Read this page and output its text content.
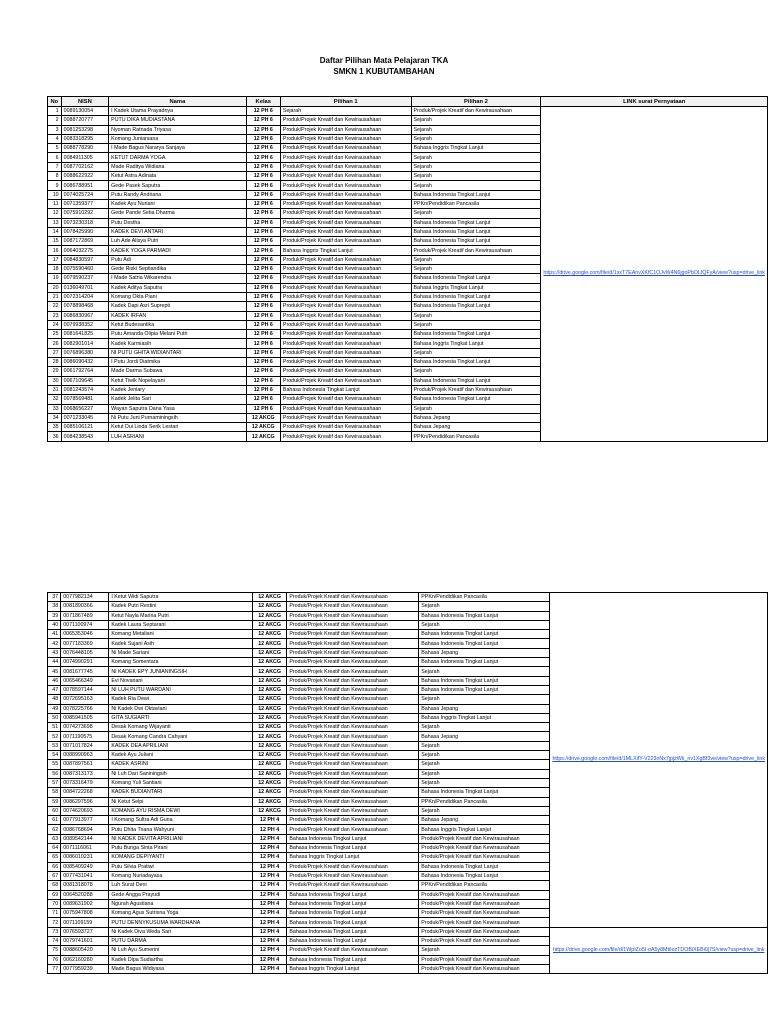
Daftar Pilihan Mata Pelajaran TKA
SMKN 1 KUBUTAMBAHAN
No	NISN	Nama	Kelas	Pilihan 1	Pilihan 2	LINK surat Pernyataan
1	0089130054	I Kadek Utama Prayadnya	12 PH 6	Sejarah	Produk/Projek Kreatif dan Kewirausahaan	https://drive.google.com/file/d/1sxT7EAnvXKfC1OJvW4N6jgoPbOLfQFyA/view?usp=drive_link
2	0088720777	PUTU DIKA MUDIASTANA	12 PH 6	Produk/Projek Kreatif dan Kewirausahaan	Sejarah	
3	0081253298	Nyoman Ratnada Triyasa	12 PH 6	Produk/Projek Kreatif dan Kewirausahaan	Sejarah	
4	0083318295	Komang Juniarsana	12 PH 6	Produk/Projek Kreatif dan Kewirausahaan	Sejarah	
5	0088778290	I Made Bagus Nararya Sanjaya	12 PH 6	Produk/Projek Kreatif dan Kewirausahaan	Bahasa Inggris Tingkat Lanjut	
6	0084911305	KETUT DARMA YOGA	12 PH 6	Produk/Projek Kreatif dan Kewirausahaan	Sejarah	
7	0087702162	Made Raditya Widiana	12 PH 6	Produk/Projek Kreatif dan Kewirausahaan	Sejarah	
8	0088622922	Ketut Astra Adinata	12 PH 6	Produk/Projek Kreatif dan Kewirausahaan	Sejarah	
9	0086788951	Gede Pasek Saputra	12 PH 6	Produk/Projek Kreatif dan Kewirausahaan	Sejarah	
10	0074025724	Putu Randy Andriana	12 PH 6	Produk/Projek Kreatif dan Kewirausahaan	Bahasa Indonesia Tingkat Lanjut	
11	0071359377	Kadek Ayu Nuriani	12 PH 6	Produk/Projek Kreatif dan Kewirausahaan	PPKn/Pendidikan Pancasila	
12	0075910292	Gede Pande Setia Dharma	12 PH 6	Produk/Projek Kreatif dan Kewirausahaan	Sejarah	
13	0073230318	Putu Destha	12 PH 6	Produk/Projek Kreatif dan Kewirausahaan	Bahasa Indonesia Tingkat Lanjut	
14	0078425990	KADEK DEVI ANTARI	12 PH 6	Produk/Projek Kreatif dan Kewirausahaan	Bahasa Indonesia Tingkat Lanjut	
15	0087172869	Luh Ade Alisya Putri	12 PH 6	Produk/Projek Kreatif dan Kewirausahaan	Bahasa Indonesia Tingkat Lanjut	
16	0064032275	KADEK YOGA PARMADI	12 PH 6	Bahasa Inggris Tingkat Lanjut	Produk/Projek Kreatif dan Kewirausahaan	
17	0084830597	Putu Adi	12 PH 6	Produk/Projek Kreatif dan Kewirausahaan	Sejarah	
18	0075590460	Gede Riski Septiandika	12 PH 6	Produk/Projek Kreatif dan Kewirausahaan	Sejarah	
19	0079590237	I Made Satria Wikarendra	12 PH 6	Produk/Projek Kreatif dan Kewirausahaan	Bahasa Indonesia Tingkat Lanjut	
20	0136049701	Kadek Aditya Saputra	12 PH 6	Produk/Projek Kreatif dan Kewirausahaan	Bahasa Inggris Tingkat Lanjut	
21	0072314204	Komang Okta Piani	12 PH 6	Produk/Projek Kreatif dan Kewirausahaan	Bahasa Indonesia Tingkat Lanjut	
22	0078898468	Kadek Dapi Asri Suprepti	12 PH 6	Produk/Projek Kreatif dan Kewirausahaan	Bahasa Indonesia Tingkat Lanjut	
23	0086830967	KADEK IRFAN	12 PH 6	Produk/Projek Kreatif dan Kewirausahaan	Sejarah	
24	0079938352	Ketut Budesantika	12 PH 6	Produk/Projek Kreatif dan Kewirausahaan	Sejarah	
25	0081641825	Putu Amanda Olipia Melani Putri	12 PH 6	Produk/Projek Kreatif dan Kewirausahaan	Bahasa Indonesia Tingkat Lanjut	
26	0082901014	Kadek Karmiasih	12 PH 6	Produk/Projek Kreatif dan Kewirausahaan	Bahasa Inggris Tingkat Lanjut	
27	0076896380	NI PUTU GHITA WIDIANTARI	12 PH 6	Produk/Projek Kreatif dan Kewirausahaan	Sejarah	
28	0086090432	I Putu Jordi Diatmika	12 PH 6	Produk/Projek Kreatif dan Kewirausahaan	Bahasa Indonesia Tingkat Lanjut	
29	0061792764	Made Darma Subawa	12 PH 6	Produk/Projek Kreatif dan Kewirausahaan	Sejarah	
30	0067109645	Ketut Tiwik Nopelayani	12 PH 6	Produk/Projek Kreatif dan Kewirausahaan	Bahasa Indonesia Tingkat Lanjut	
31	0081243574	Kadek Jeniary	12 PH 6	Bahasa Indonesia Tingkat Lanjut	Produk/Projek Kreatif dan Kewirausahaan	
32	0078569481	Kadek Jelita Sari	12 PH 6	Produk/Projek Kreatif dan Kewirausahaan	Bahasa Indonesia Tingkat Lanjut	
33	0068656227	Wayan Saputra Dana Yasa	12 PH 6	Produk/Projek Kreatif dan Kewirausahaan	Sejarah	
34	0071233045	Ni Putu Juni Purnaminingsih	12 AKCG	Produk/Projek Kreatif dan Kewirausahaan	Bahasa Jepang	
35	0085106121	Ketut Dui Linda Serik Lestari	12 AKCG	Produk/Projek Kreatif dan Kewirausahaan	Bahasa Jepang	
36	0084238543	LUH ASRIANI	12 AKCG	Produk/Projek Kreatif dan Kewirausahaan	PPKn/Pendidikan Pancasila	
37	0077982134	I Ketut Widi Saputra	12 AKCG	Produk/Projek Kreatif dan Kewirausahaan	PPKn/Pendidikan Pancasila	https://drive.google.com/file/d/1MLXifY-V223nNx7jpjzWk_nv1XgBf3ve/view?usp=drive_link
38	0081890366	Kadek Putri Restini	12 AKCG	Produk/Projek Kreatif dan Kewirausahaan	Sejarah	
39	0071867489	Ketut Nayla Marina Putri	12 AKCG	Produk/Projek Kreatif dan Kewirausahaan	Bahasa Indonesia Tingkat Lanjut	
40	0071100974	Kadek Laura Septarani	12 AKCG	Produk/Projek Kreatif dan Kewirausahaan	Sejarah	
41	0065353046	Komang Metaliani	12 AKCG	Produk/Projek Kreatif dan Kewirausahaan	Bahasa Indonesia Tingkat Lanjut	
42	0077183369	Kadek Sujani Asih	12 AKCG	Produk/Projek Kreatif dan Kewirausahaan	Bahasa Indonesia Tingkat Lanjut	
43	0076448105	Ni Made Sariani	12 AKCG	Produk/Projek Kreatif dan Kewirausahaan	Bahasa Jepang	
44	0074990291	Komang Somentara	12 AKCG	Produk/Projek Kreatif dan Kewirausahaan	Bahasa Indonesia Tingkat Lanjut	
45	0081677745	NI KADEK EPY JUNIANINGSIH	12 AKCG	Produk/Projek Kreatif dan Kewirausahaan	Sejarah	
46	0065466349	Evi Novariani	12 AKCG	Produk/Projek Kreatif dan Kewirausahaan	Bahasa Indonesia Tingkat Lanjut	
47	0078597144	NI LUH PUTU WARDANI	12 AKCG	Produk/Projek Kreatif dan Kewirausahaan	Bahasa Indonesia Tingkat Lanjut	
48	0072695163	Kadek Ria Dewi	12 AKCG	Produk/Projek Kreatif dan Kewirausahaan	Sejarah	
49	0078225766	Ni Kadek Dwi Oktaviani	12 AKCG	Produk/Projek Kreatif dan Kewirausahaan	Bahasa Jepang	
50	0085941505	GITA SUGIARTI	12 AKCG	Produk/Projek Kreatif dan Kewirausahaan	Bahasa Inggris Tingkat Lanjut	
51	0074273698	Desak Komang Wijayanti	12 AKCG	Produk/Projek Kreatif dan Kewirausahaan	Sejarah	
52	0071190575	Desak Komang Candra Cahyani	12 AKCG	Produk/Projek Kreatif dan Kewirausahaan	Bahasa Jepang	
53	0071017824	KADEK DEA APRILIANI	12 AKCG	Produk/Projek Kreatif dan Kewirausahaan	Sejarah	
54	0088990963	Kadek Ayu Juliani	12 AKCG	Produk/Projek Kreatif dan Kewirausahaan	Sejarah	
55	0087897561	KADEK ASRINI	12 AKCG	Produk/Projek Kreatif dan Kewirausahaan	Sejarah	
56	0087313173	Ni Luh Dari Saniningsih	12 AKCG	Produk/Projek Kreatif dan Kewirausahaan	Sejarah	
57	0073316479	Komang Yuli Santiani	12 AKCG	Produk/Projek Kreatif dan Kewirausahaan	Sejarah	
58	0084722268	KADEK BUDIANTARI	12 AKCG	Produk/Projek Kreatif dan Kewirausahaan	Bahasa Indonesia Tingkat Lanjut	
59	0086297596	Ni Ketut Selpi	12 AKCG	Produk/Projek Kreatif dan Kewirausahaan	PPKn/Pendidikan Pancasila	
60	0074620693	KOMANG AYU RISMA DEWI	12 AKCG	Produk/Projek Kreatif dan Kewirausahaan	Sejarah	
61	0077913977	I Komang Sultra Adi Guna	12 PH 4	Produk/Projek Kreatif dan Kewirausahaan	Bahasa Jepang	
62	0086768694	Putu Dhita Triana Wahyuni	12 PH 4	Produk/Projek Kreatif dan Kewirausahaan	Bahasa Inggris Tingkat Lanjut	
63	0089542144	NI KADEK DEVITA APRILIANI	12 PH 4	Bahasa Indonesia Tingkat Lanjut	Produk/Projek Kreatif dan Kewirausahaan	
64	0071116061	Putu Bunga Sinta Pirani	12 PH 4	Bahasa Indonesia Tingkat Lanjut	Produk/Projek Kreatif dan Kewirausahaan	
65	0086010231	KOMANG DEPIYANTI	12 PH 4	Bahasa Inggris Tingkat Lanjut	Produk/Projek Kreatif dan Kewirausahaan	
66	0085409249	Putu Silvia Pratiwi	12 PH 4	Produk/Projek Kreatif dan Kewirausahaan	Bahasa Indonesia Tingkat Lanjut	
67	0077431041	Komang Nuriadayasa	12 PH 4	Produk/Projek Kreatif dan Kewirausahaan	Bahasa Indonesia Tingkat Lanjut	
68	0081318078	Luh Surat Deni	12 PH 4	Produk/Projek Kreatif dan Kewirausahaan	PPKn/Pendidikan Pancasila	
69	0064520288	Gede Angga Prayudi	12 PH 4	Bahasa Indonesia Tingkat Lanjut	Produk/Projek Kreatif dan Kewirausahaan	
70	0089631902	Ngurah Agustiana	12 PH 4	Bahasa Indonesia Tingkat Lanjut	Produk/Projek Kreatif dan Kewirausahaan	
71	0075947808	Komang Agus Sutrisna Yoga	12 PH 4	Bahasa Indonesia Tingkat Lanjut	Produk/Projek Kreatif dan Kewirausahaan	
72	0071109159	PUTU DENNYKUSUMA WARDHANA	12 PH 4	Bahasa Indonesia Tingkat Lanjut	Produk/Projek Kreatif dan Kewirausahaan	
73	0076593727	Ni Kadek Diva Weda Sari	12 PH 4	Bahasa Indonesia Tingkat Lanjut	Produk/Projek Kreatif dan Kewirausahaan	https://drive.google.com/file/d/1WpIZo5I-oA5y8MtiIozTDOBiXEBi0j7S/view?usp=drive_link
74	0079741601	PUTU DARMA	12 PH 4	Bahasa Indonesia Tingkat Lanjut	Produk/Projek Kreatif dan Kewirausahaan	
75	0088605420	Ni Luh Ayu Sumerini	12 PH 4	Produk/Projek Kreatif dan Kewirausahaan	Sejarah	
76	0062160280	Kadek Dipa Sudiartha	12 PH 4	Bahasa Indonesia Tingkat Lanjut	Produk/Projek Kreatif dan Kewirausahaan	
77	0077959239	Made Bagus Widiyasa	12 PH 4	Bahasa Inggris Tingkat Lanjut	Produk/Projek Kreatif dan Kewirausahaan	
